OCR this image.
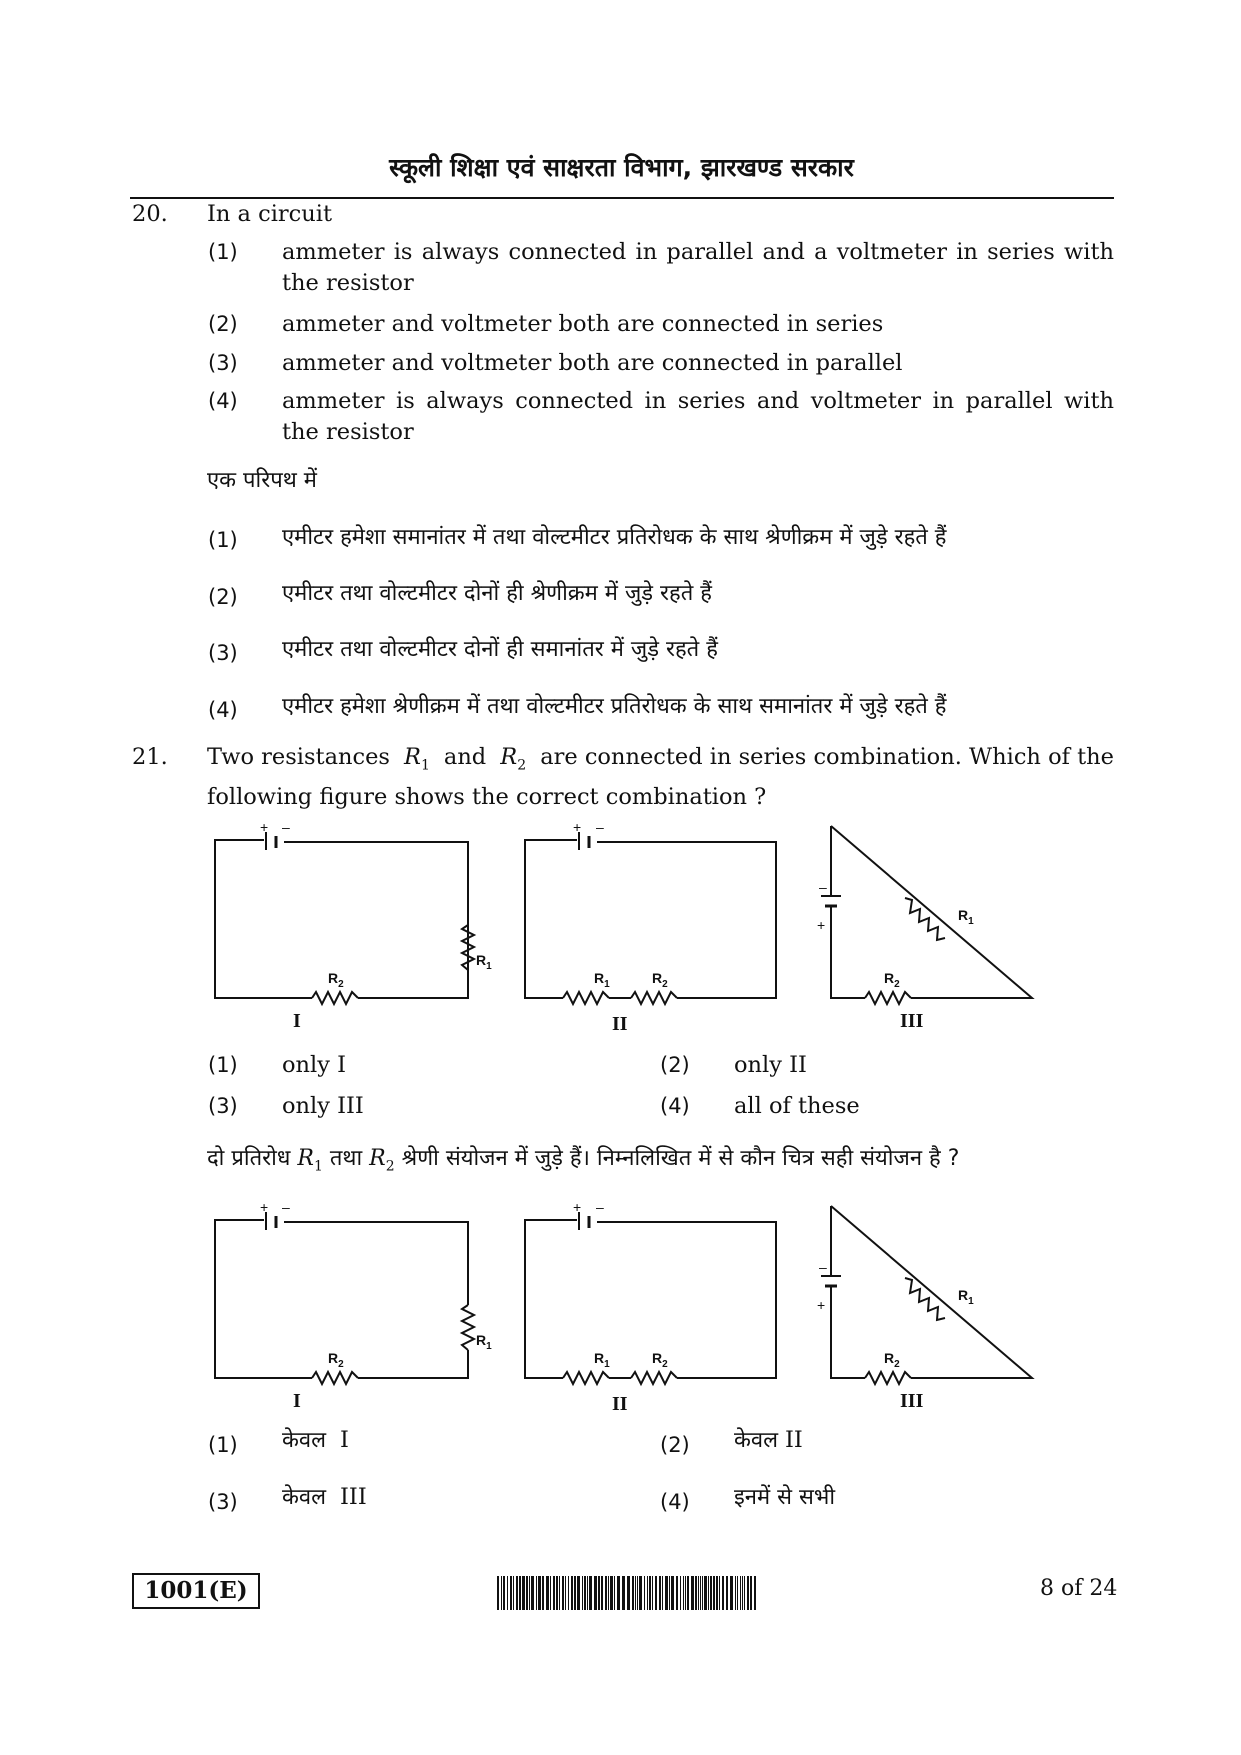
स्कूली शिक्षा एवं साक्षरता विभाग, झारखण्ड सरकार
20. In a circuit
(1) ammeter is always connected in parallel and a voltmeter in series with the resistor
(2) ammeter and voltmeter both are connected in series
(3) ammeter and voltmeter both are connected in parallel
(4) ammeter is always connected in series and voltmeter in parallel with the resistor
एक परिपथ में
(1) एमीटर हमेशा समानांतर में तथा वोल्टमीटर प्रतिरोधक के साथ श्रेणीक्रम में जुड़े रहते हैं
(2) एमीटर तथा वोल्टमीटर दोनों ही श्रेणीक्रम में जुड़े रहते हैं
(3) एमीटर तथा वोल्टमीटर दोनों ही समानांतर में जुड़े रहते हैं
(4) एमीटर हमेशा श्रेणीक्रम में तथा वोल्टमीटर प्रतिरोधक के साथ समानांतर में जुड़े रहते हैं
21. Two resistances $R_1$ and $R_2$ are connected in series combination. Which of the
following figure shows the correct combination ?
+ –
$R_1$
$R_2$
+ –
$R_1$	$R_2$
–
+
$R_1$
$R_2$
I	II	III
(1) only I	(2) only II
(3) only III	(4) all of these
दो प्रतिरोध $R_1$ तथा $R_2$ श्रेणी संयोजन में जुड़े हैं। निम्नलिखित में से कौन चित्र सही संयोजन है ?
+ –
$R_1$
$R_2$
+ –
$R_1$	$R_2$
–
+
$R_1$
$R_2$
I	II	III
(1) केवल I	(2) केवल II
(3) केवल III	(4) इनमें से सभी
1001(E)	8 of 24
